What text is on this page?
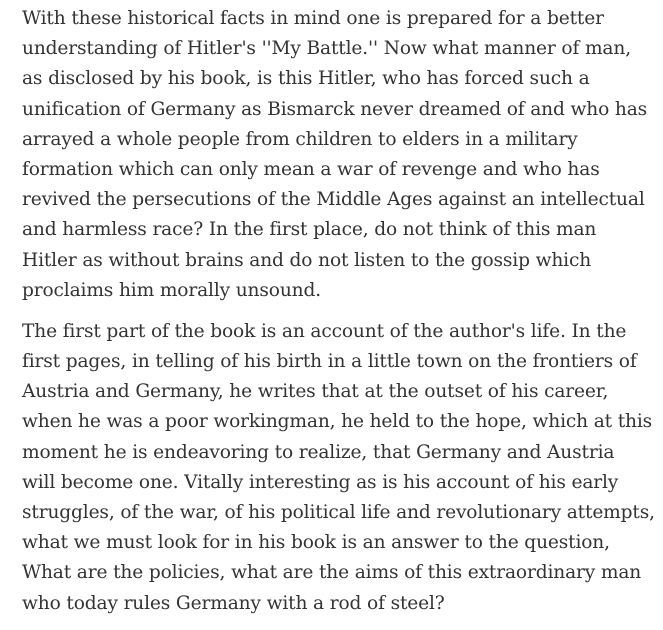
With these historical facts in mind one is prepared for a better
understanding of Hitler's ''My Battle.'' Now what manner of man,
as disclosed by his book, is this Hitler, who has forced such a
unification of Germany as Bismarck never dreamed of and who has
arrayed a whole people from children to elders in a military
formation which can only mean a war of revenge and who has
revived the persecutions of the Middle Ages against an intellectual
and harmless race? In the first place, do not think of this man
Hitler as without brains and do not listen to the gossip which
proclaims him morally unsound.

The first part of the book is an account of the author's life. In the
first pages, in telling of his birth in a little town on the frontiers of
Austria and Germany, he writes that at the outset of his career,
when he was a poor workingman, he held to the hope, which at this
moment he is endeavoring to realize, that Germany and Austria
will become one. Vitally interesting as is his account of his early
struggles, of the war, of his political life and revolutionary attempts,
what we must look for in his book is an answer to the question,
What are the policies, what are the aims of this extraordinary man
who today rules Germany with a rod of steel?
